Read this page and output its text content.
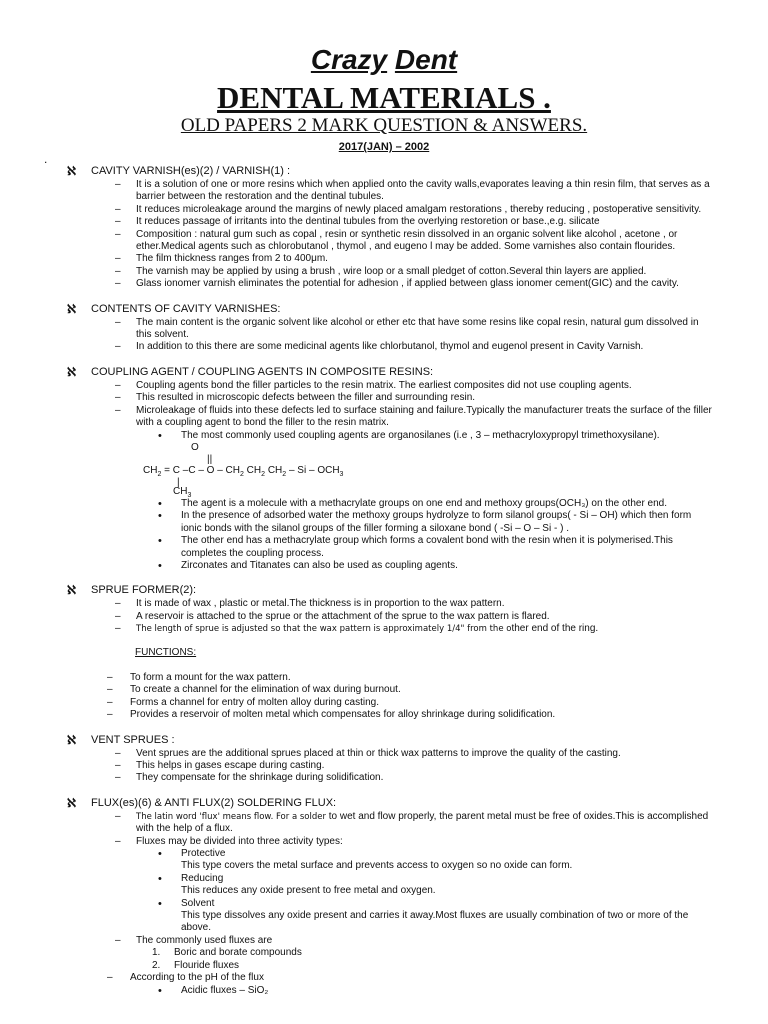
Crazy Dent
DENTAL MATERIALS .
OLD PAPERS 2 MARK QUESTION & ANSWERS.
2017(JAN) – 2002
.
ℵ CAVITY VARNISH(es)(2) / VARNISH(1) :
– It is a solution of one or more resins which when applied onto the cavity walls,evaporates leaving a thin resin film, that serves as a barrier between the restoration and the dentinal tubules.
– It reduces microleakage around the margins of newly placed amalgam restorations , thereby reducing , postoperative sensitivity.
– It reduces passage of irritants into the dentinal tubules from the overlying restoretion or base.,e.g. silicate
– Composition : natural gum such as copal , resin or synthetic resin dissolved in an organic solvent like alcohol , acetone , or ether.Medical agents such as chlorobutanol , thymol , and eugeno l may be added. Some varnishes also contain flourides.
– The film thickness ranges from 2 to 400μm.
– The varnish may be applied by using a brush , wire loop or a small pledget of cotton.Several thin layers are applied.
– Glass ionomer varnish eliminates the potential for adhesion , if applied between glass ionomer cement(GIC) and the cavity.
ℵ CONTENTS OF CAVITY VARNISHES:
– The main content is the organic solvent like alcohol or ether etc that have some resins like copal resin, natural gum dissolved in this solvent.
– In addition to this there are some medicinal agents like chlorbutanol, thymol and eugenol present in Cavity Varnish.
ℵ COUPLING AGENT / COUPLING AGENTS IN COMPOSITE RESINS:
– Coupling agents bond the filler particles to the resin matrix. The earliest composites did not use coupling agents.
– This resulted in microscopic defects between the filler and surrounding resin.
– Microleakage of fluids into these defects led to surface staining and failure.Typically the manufacturer treats the surface of the filler with a coupling agent to bond the filler to the resin matrix.
• The most commonly used coupling agents are organosilanes (i.e , 3 – methacryloxypropyl trimethoxysilane).
O
||
$CH_2 = C$ –C – O – $CH_2$ $CH_2$ $CH_2$ – Si – $OCH_3$
|
$CH_3$
• The agent is a molecule with a methacrylate groups on one end and methoxy groups(OCH₃) on the other end.
• In the presence of adsorbed water the methoxy groups hydrolyze to form silanol groups( - Si – OH) which then form ionic bonds with the silanol groups of the filler forming a siloxane bond ( -Si – O – Si - ) .
• The other end has a methacrylate group which forms a covalent bond with the resin when it is polymerised.This completes the coupling process.
• Zirconates and Titanates can also be used as coupling agents.
ℵ SPRUE FORMER(2):
– It is made of wax , plastic or metal.The thickness is in proportion to the wax pattern.
– A reservoir is attached to the sprue or the attachment of the sprue to the wax pattern is flared.
– The length of sprue is adjusted so that the wax pattern is approximately 1/4" from the other end of the ring.
FUNCTIONS:
– To form a mount for the wax pattern.
– To create a channel for the elimination of wax during burnout.
– Forms a channel for entry of molten alloy during casting.
– Provides a reservoir of molten metal which compensates for alloy shrinkage during solidification.
ℵ VENT SPRUES :
– Vent sprues are the additional sprues placed at thin or thick wax patterns to improve the quality of the casting.
– This helps in gases escape during casting.
– They compensate for the shrinkage during solidification.
ℵ FLUX(es)(6) & ANTI FLUX(2) SOLDERING FLUX:
– The latin word 'flux' means flow. For a solder to wet and flow properly, the parent metal must be free of oxides.This is accomplished with the help of a flux.
– Fluxes may be divided into three activity types:
• Protective
This type covers the metal surface and prevents access to oxygen so no oxide can form.
• Reducing
This reduces any oxide present to free metal and oxygen.
• Solvent
This type dissolves any oxide present and carries it away.Most fluxes are usually combination of two or more of the above.
– The commonly used fluxes are
1. Boric and borate compounds
2. Flouride fluxes
– According to the pH of the flux
• Acidic fluxes – SiO₂
